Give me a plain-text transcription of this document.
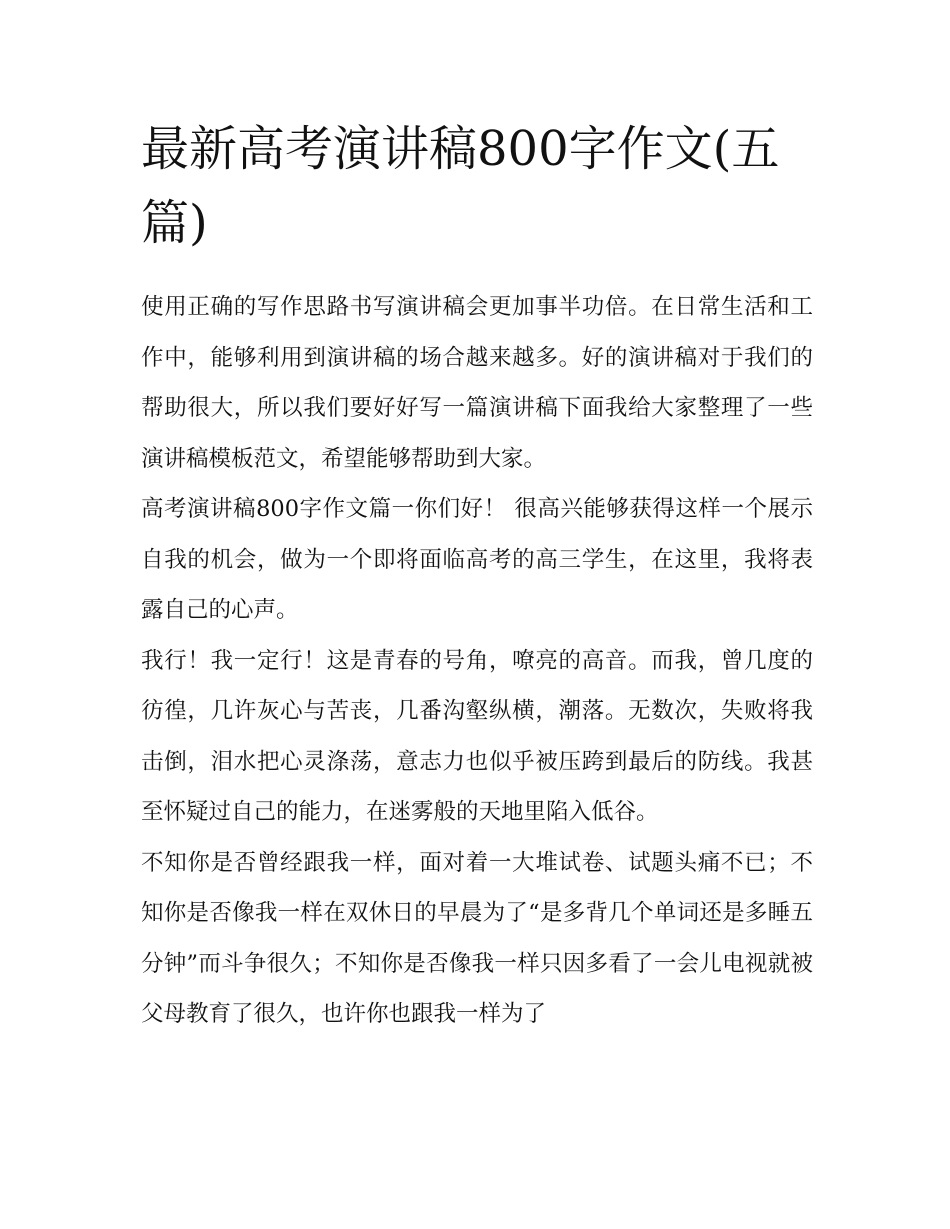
最新高考演讲稿800字作文(五篇)

使用正确的写作思路书写演讲稿会更加事半功倍。在日常生活和工作中，能够利用到演讲稿的场合越来越多。好的演讲稿对于我们的帮助很大，所以我们要好好写一篇演讲稿下面我给大家整理了一些演讲稿模板范文，希望能够帮助到大家。

高考演讲稿800字作文篇一你们好！ 很高兴能够获得这样一个展示自我的机会，做为一个即将面临高考的高三学生，在这里，我将表露自己的心声。

我行！我一定行！这是青春的号角，嘹亮的高音。而我，曾几度的彷徨，几许灰心与苦丧，几番沟壑纵横，潮落。无数次，失败将我击倒，泪水把心灵涤荡，意志力也似乎被压跨到最后的防线。我甚至怀疑过自己的能力，在迷雾般的天地里陷入低谷。

不知你是否曾经跟我一样，面对着一大堆试卷、试题头痛不已；不知你是否像我一样在双休日的早晨为了“是多背几个单词还是多睡五分钟”而斗争很久；不知你是否像我一样只因多看了一会儿电视就被父母教育了很久，也许你也跟我一样为了
